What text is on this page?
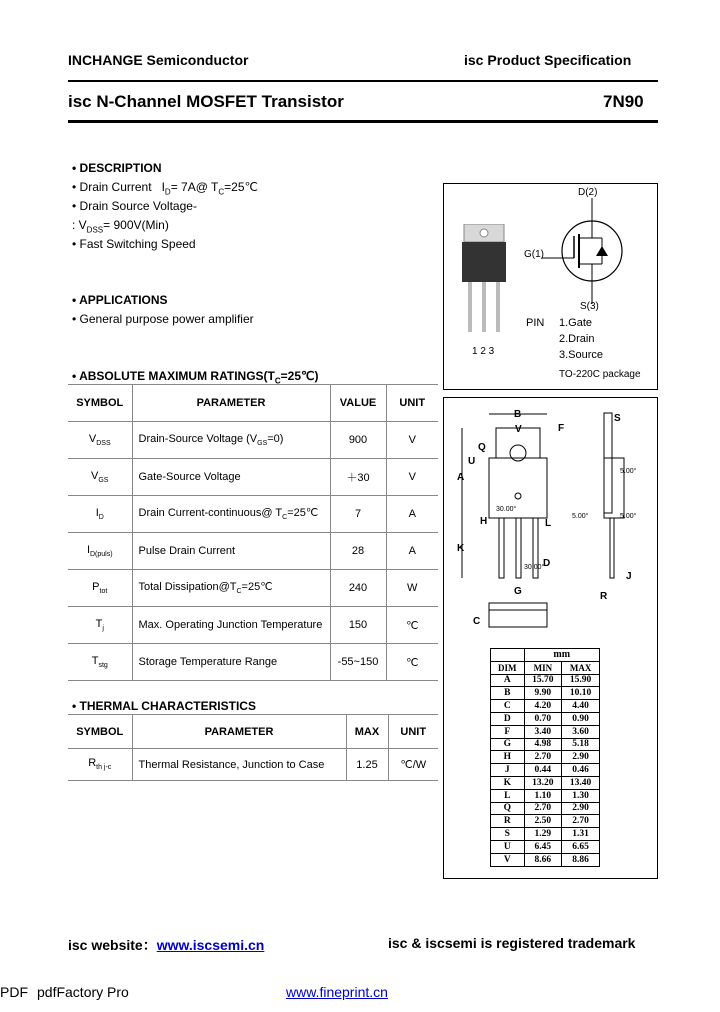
INCHANGE Semiconductor	isc Product Specification
isc N-Channel MOSFET Transistor	7N90
• DESCRIPTION
• Drain Current $I_D=$ 7A@ $T_C=25℃$
• Drain Source Voltage-
: $V_{DSS}= 900V(Min)$
• Fast Switching Speed
• APPLICATIONS
• General purpose power amplifier
• ABSOLUTE MAXIMUM $RATINGS(T_C=25℃)$
SYMBOL	PARAMETER	VALUE	UNIT
$V_{DSS}$	Drain-Source Voltage $(V_{GS}=0)$	900	V
$V_{GS}$	Gate-Source Voltage	＋30	V
$I_D$	Drain Current-continuous@ $T_C=25℃$	7	A
$I_{D(puls)}$	Pulse Drain Current	28	A
$P_{tot}$	Total $Dissipation@T_C=25℃$	240	W
$T_j$	Max. Operating Junction Temperature	150	℃
$T_{stg}$	Storage Temperature Range	-55~150	℃
• THERMAL CHARACTERISTICS
SYMBOL	PARAMETER	MAX	UNIT
$R_{th j-c}$	Thermal Resistance, Junction to Case	1.25	℃/W
1 2 3
D(2)
G(1)
S(3)
PIN 1.Gate
2.Drain
3.Source
TO-220C package
B
V
S
F
Q
U
A
H	L
K
D
G
C
J
R
30.00°
30.00°
5.00°
5.00°	5.00°
	mm	
DIM	MIN	MAX
A	15.70	15.90
B	9.90	10.10
C	4.20	4.40
D	0.70	0.90
F	3.40	3.60
G	4.98	5.18
H	2.70	2.90
J	0.44	0.46
K	13.20	13.40
L	1.10	1.30
Q	2.70	2.90
R	2.50	2.70
S	1.29	1.31
U	6.45	6.65
V	8.66	8.86
isc website：www.iscsemi.cn	isc & iscsemi is registered trademark
PDF pdfFactory Pro	www.fineprint.cn
